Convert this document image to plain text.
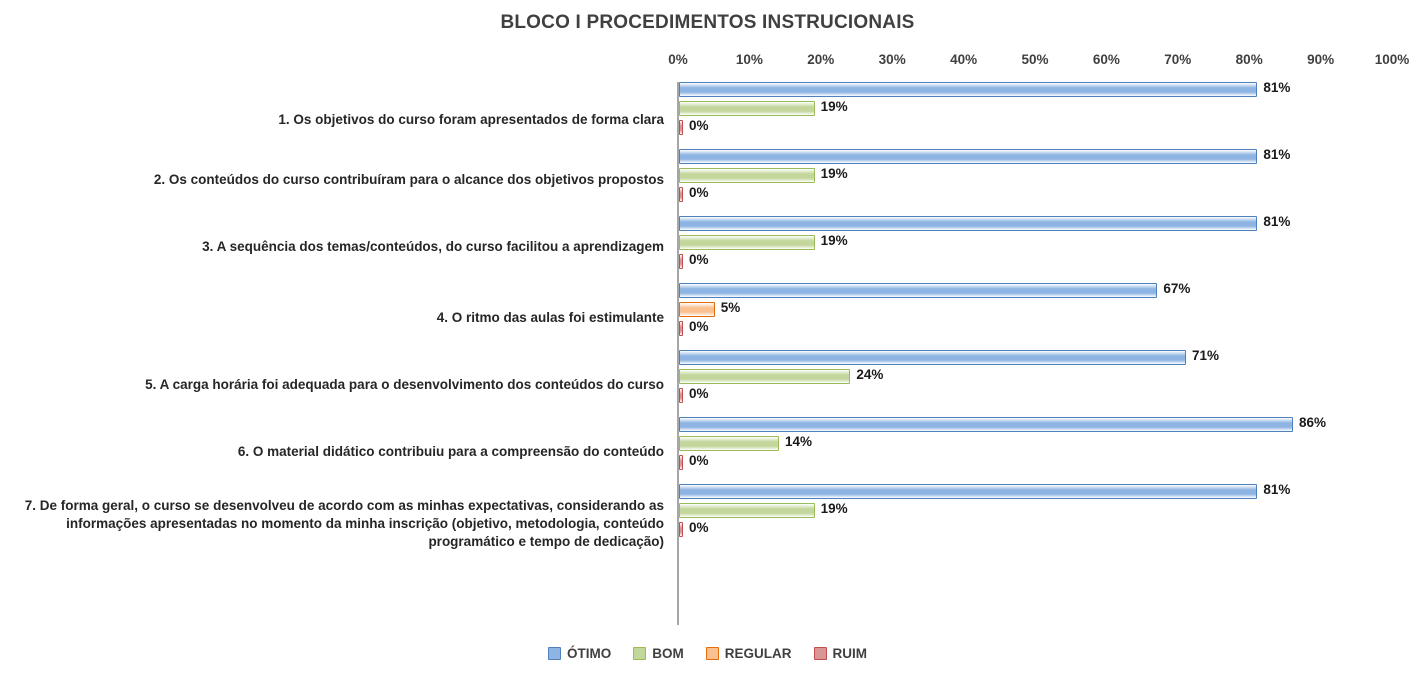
BLOCO I PROCEDIMENTOS INSTRUCIONAIS
0%	10%	20%	30%	40%	50%	60%	70%	80%	90%	100%
1. Os objetivos do curso foram apresentados de forma clara
81%
19%
0%
2. Os conteúdos do curso contribuíram para o alcance dos objetivos propostos
81%
19%
0%
3. A sequência dos temas/conteúdos, do curso facilitou a aprendizagem
81%
19%
0%
4. O ritmo das aulas foi estimulante
67%
5%
0%
5. A carga horária foi adequada para o desenvolvimento dos conteúdos do curso
71%
24%
0%
6. O material didático contribuiu para a compreensão do conteúdo
86%
14%
0%
7. De forma geral, o curso se desenvolveu de acordo com as minhas expectativas, considerando as informações apresentadas no momento da minha inscrição (objetivo, metodologia, conteúdo programático e tempo de dedicação)
81%
19%
0%
ÓTIMO	BOM	REGULAR	RUIM
